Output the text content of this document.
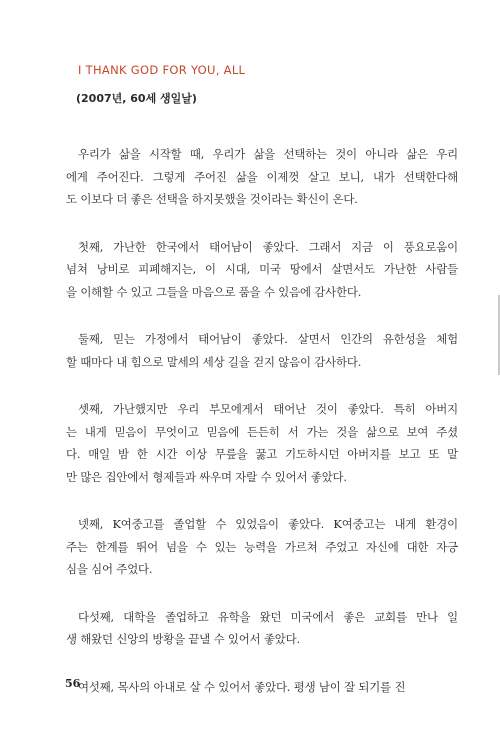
I THANK GOD FOR YOU, ALL
(2007년, 60세 생일날)
우리가 삶을 시작할 때, 우리가 삶을 선택하는 것이 아니라 삶은 우리
에게 주어진다. 그렇게 주어진 삶을 이제껏 살고 보니, 내가 선택한다해
도 이보다 더 좋은 선택을 하지못했을 것이라는 확신이 온다.
첫째, 가난한 한국에서 태어남이 좋았다. 그래서 지금 이 풍요로움이
넘쳐 낭비로 피폐해지는, 이 시대, 미국 땅에서 살면서도 가난한 사람들
을 이해할 수 있고 그들을 마음으로 품을 수 있음에 감사한다.
둘째, 믿는 가정에서 태어남이 좋았다. 살면서 인간의 유한성을 체험
할 때마다 내 힘으로 말세의 세상 길을 걷지 않음이 감사하다.
셋째, 가난했지만 우리 부모에게서 태어난 것이 좋았다. 특히 아버지
는 내게 믿음이 무엇이고 믿음에 든든히 서 가는 것을 삶으로 보여 주셨
다. 매일 밤 한 시간 이상 무릎을 꿇고 기도하시던 아버지를 보고 또 말
만 많은 집안에서 형제들과 싸우며 자랄 수 있어서 좋았다.
넷째, K여중고를 졸업할 수 있었음이 좋았다. K여중고는 내게 환경이
주는 한계를 뛰어 넘을 수 있는 능력을 가르쳐 주었고 자신에 대한 자긍
심을 심어 주었다.
다섯째, 대학을 졸업하고 유학을 왔던 미국에서 좋은 교회를 만나 일
생 해왔던 신앙의 방황을 끝낼 수 있어서 좋았다.
여섯째, 목사의 아내로 살 수 있어서 좋았다. 평생 남이 잘 되기를 진
56
